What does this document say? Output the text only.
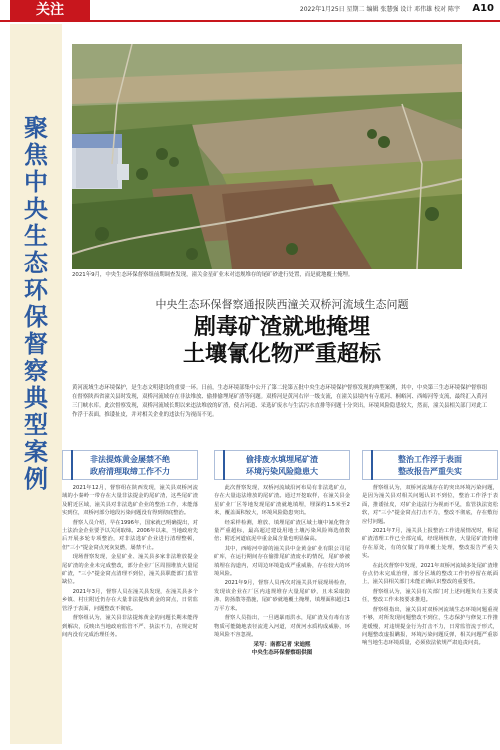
关注	2022年1月25日 星期二 编辑 张慧强 设计 邓伟雄 校对 陈宇 A10
聚焦中央生态环保督察典型案例
2021年9月，中央生态环保督察组前期调查发现，潼关金星矿业未对违规堆存的尾矿砂进行处置，而是就地覆土掩埋。
中央生态环保督察通报陕西潼关双桥河流域生态问题
剧毒矿渣就地掩埋
土壤氰化物严重超标
黄河流域生态环境保护，是生态文明建设的重要一环。日前，生态环境部集中公开了第二轮第五批中央生态环境保护督察发现的典型案例，其中，中央第三生态环境保护督察组在督察陕西省潼关县时发现，双桥河流域存在非法堆放、偷排偷埋尾矿渣等问题。双桥河是黄河右岸一级支流，在潼关县境内有寺底河、桐峪河、西峪河等支流，最终汇入黄河三门峡水库。此次督察发现，双桥河流域长期以来违法堆放的矿渣，使占河道、采选矿废水与生活污水直排等问题十分突出，环境风险隐患较大，然而，潼关县相关部门对此工作浮于表面，推诿扯皮，并对相关企业的违法行为视而不见。
非法提炼黄金屡禁不绝
政府清理取缔工作不力

2021年12月，督察组在陕西发现，潼关县双桥河流域的小秦岭一带存在大量非法提金的尾矿渣，这些尾矿渣及附近区域，潼关县对非法选矿企业的整治工作，未能落实到位，双桥河部分地段污染问题没有得到彻底整治。

督察人员介绍，早在1996年，国家就已明确提出，对土法冶金企业要予以关闭取缔。2006年以来，当地政府先后开展多轮专项整治，对非法选矿企业进行清理整顿，但"三小"提金窝点死灰复燃，屡禁不止。

现场督察发现，金星矿业、潼关县多家非法堆放提金尾矿渣的企业未完成整改，部分企业厂区周围堆放大量尾矿渣，"三小"提金窝点清理不到位，潼关县职能部门监管缺位。

2021年3月，督察人员在潼关县发现，在潼关县多个乡镇、村庄附近仍存在大量非法提炼黄金的窝点，日常监管浮于表面，问题整改不彻底。

督察组认为，潼关县非法提炼黄金的问题长期未能得到解决，反映出当地政府监管不严、执法不力，在规定时间内没有完成治理任务。

偷排废水填埋尾矿渣
环境污染风险隐患大

此次督察发现，双桥河流域沿河布局有非法选矿点，存在大量违法堆放的尾矿渣。通过开挖取样，在潼关县金星矿业厂区等地发现尾矿渣就地填埋，埋深约1.5米至2米，覆盖面积较大，环境风险隐患突出。

经采样检测，堆放、填埋尾矿渣区域土壤中氰化物含量严重超标，最高超过建设用地土壤污染风险筛选值数倍；附近河道底泥中重金属含量也明显偏高。

其中，西峪河中游的潼关县中金黄金矿业有限公司尾矿库，在运行期间存在偷排尾矿渣废水的情况，尾矿砂被填埋在沟道内，对周边环境造成严重威胁，存在较大的环境风险。

2021年9月，督察人员再次对潼关县开展现场检查，发现该企业在厂区内违规堆存大量尾矿砂，且未采取防渗、防扬散等措施，尾矿砂就地覆土掩埋，填埋面积超过1万平方米。

督察人员指出，一旦遇暴雨洪水，尾矿渣及有毒有害物质可能随地表径流进入河道，对黄河水质构成威胁，环境风险不容忽视。

采写：南都记者 宋迪熙
中央生态环保督察组供图
整治工作浮于表面
整改报告严重失实

督察组认为，双桥河流域存在的突出环境污染问题，是因为潼关县对相关问题认识不到位，整治工作浮于表面，推诿扯皮，对矿企违法行为视而不见，监管执法宽松软，对"三小"提金窝点打击不力，整改不彻底，存在敷衍应付问题。

2021年7月，潼关县上报整治工作进展情况时，称尾矿渣清理工作已全部完成，经现场核查，大量尾矿渣仍堆存在原处，有的仅做了简单覆土处理，整改报告严重失实。

在此次督察中发现，2021年双桥河流域多处尾矿渣堆存点仍未完成治理，部分区域的整改工作仍停留在纸面上，潼关县相关部门未能正确认识整改的重要性。

督察组认为，潼关县有关部门对上述问题负有主要责任，整改工作未按要求推进。

督察组指出，潼关县对双桥河流域生态环境问题重视不够，对所发现问题整改不到位，生态保护与修复工作推进缓慢，对违规提金行为打击不力，日常监管流于形式，问题整改虚报瞒报，环境污染问题反弹，相关问题严重影响当地生态环境质量，必须依法依规严肃追责问责。
